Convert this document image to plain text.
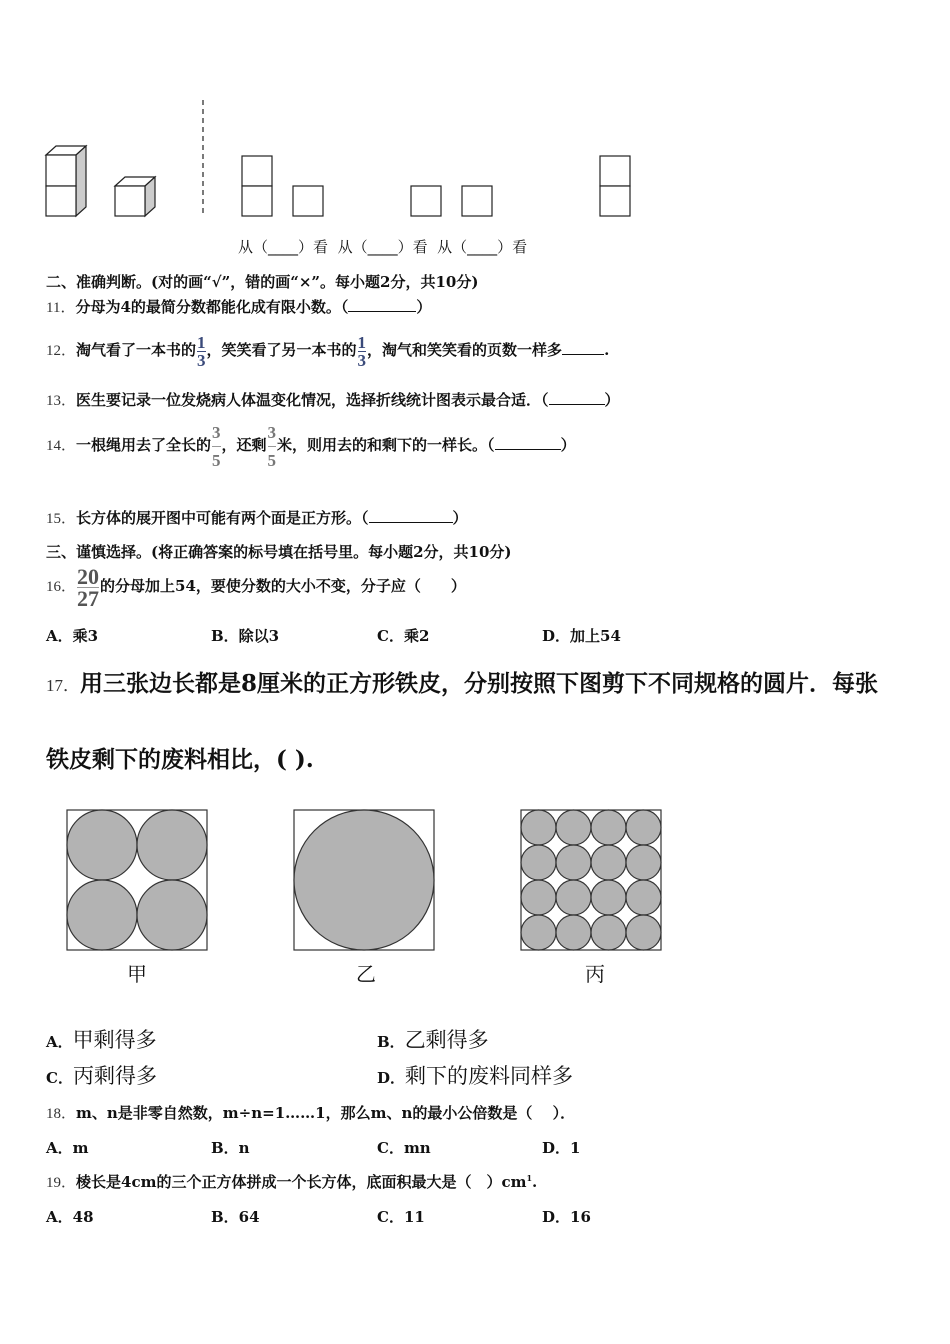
从（____）看 从（____）看 从（____）看
二、准确判断。(对的画“√”，错的画“×”。每小题2分，共10分)
11．分母为4的最简分数都能化成有限小数。（	）
12．淘气看了一本书的 $\frac{1}{3}$ ，笑笑看了另一本书的 $\frac{1}{3}$ ，淘气和笑笑看的页数一样多	.
13．医生要记录一位发烧病人体温变化情况，选择折线统计图表示最合适．（	）
14．一根绳用去了全长的 $\frac{3}{5}$ ，还剩 $\frac{3}{5}$ 米，则用去的和剩下的一样长。（	）
15．长方体的展开图中可能有两个面是正方形。（	）
三、谨慎选择。(将正确答案的标号填在括号里。每小题2分，共10分)
16． $\frac{20}{27}$ 的分母加上54，要使分数的大小不变，分子应（　　）
A．乘3	B．除以3	C．乘2	D．加上54
17．用三张边长都是8厘米的正方形铁皮，分别按照下图剪下不同规格的圆片．每张
铁皮剩下的废料相比，( ).
甲	乙	丙
A．甲剩得多	B．乙剩得多
C．丙剩得多	D．剩下的废料同样多
18．m、n是非零自然数，m÷n=1……1，那么m、n的最小公倍数是（　 ）．
A．m	B．n	C．mn	D．1
19．棱长是4cm的三个正方体拼成一个长方体，底面积最大是（　）$cm^1$.
A．48	B．64	C．11	D．16
